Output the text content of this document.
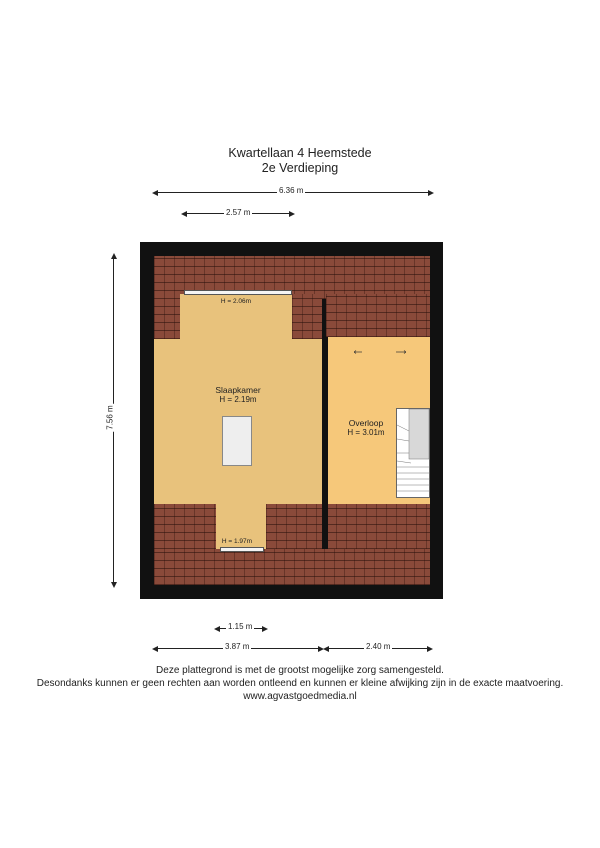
Kwartellaan 4 Heemstede
2e Verdieping
6.36 m
2.57 m
7.56 m
Slaapkamer
H = 2.19m
Overloop
H = 3.01m
H = 2.06m
H = 1.97m
1.15 m
3.87 m	2.40 m
Deze plattegrond is met de grootst mogelijke zorg samengesteld.
Desondanks kunnen er geen rechten aan worden ontleend en kunnen er kleine afwijking zijn in de exacte maatvoering.
www.agvastgoedmedia.nl
